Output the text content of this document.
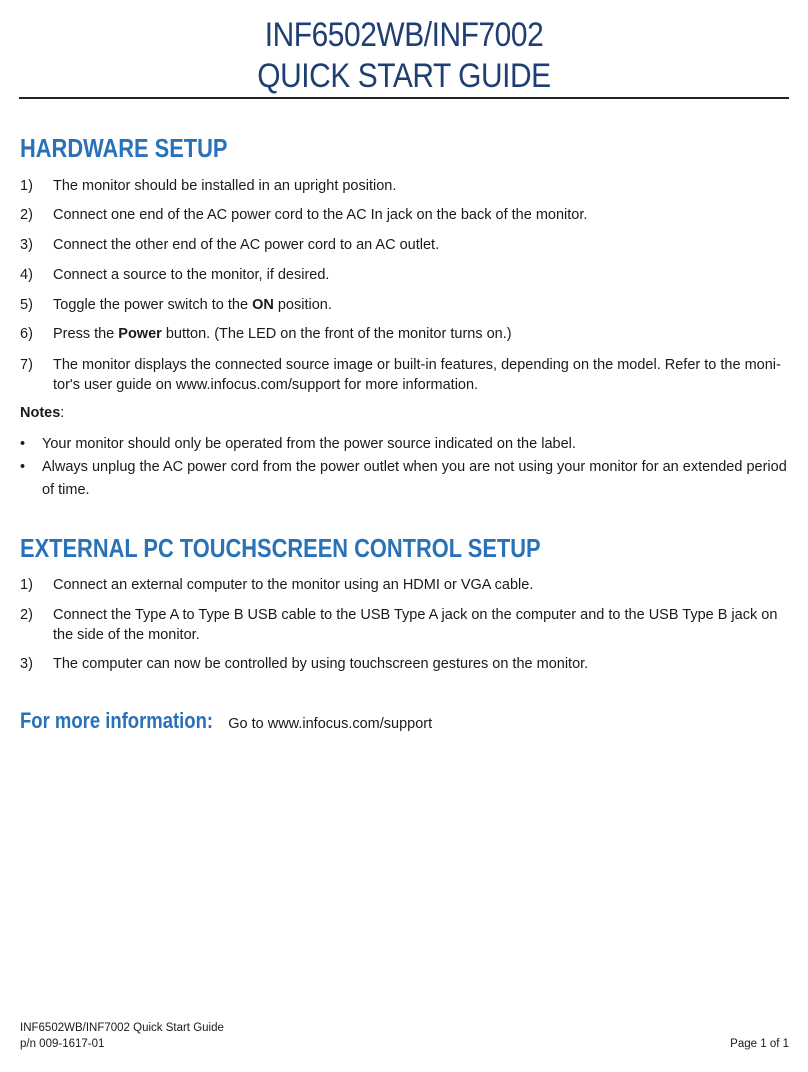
INF6502WB/INF7002
QUICK START GUIDE
HARDWARE SETUP
1) The monitor should be installed in an upright position.
2) Connect one end of the AC power cord to the AC In jack on the back of the monitor.
3) Connect the other end of the AC power cord to an AC outlet.
4) Connect a source to the monitor, if desired.
5) Toggle the power switch to the ON position.
6) Press the Power button. (The LED on the front of the monitor turns on.)
7) The monitor displays the connected source image or built-in features, depending on the model. Refer to the moni-tor's user guide on www.infocus.com/support for more information.
Notes:
• Your monitor should only be operated from the power source indicated on the label.
• Always unplug the AC power cord from the power outlet when you are not using your monitor for an extended period of time.
EXTERNAL PC TOUCHSCREEN CONTROL SETUP
1) Connect an external computer to the monitor using an HDMI or VGA cable.
2) Connect the Type A to Type B USB cable to the USB Type A jack on the computer and to the USB Type B jack on the side of the monitor.
3) The computer can now be controlled by using touchscreen gestures on the monitor.
For more information: Go to www.infocus.com/support
INF6502WB/INF7002 Quick Start Guide
p/n 009-1617-01	Page 1 of 1
